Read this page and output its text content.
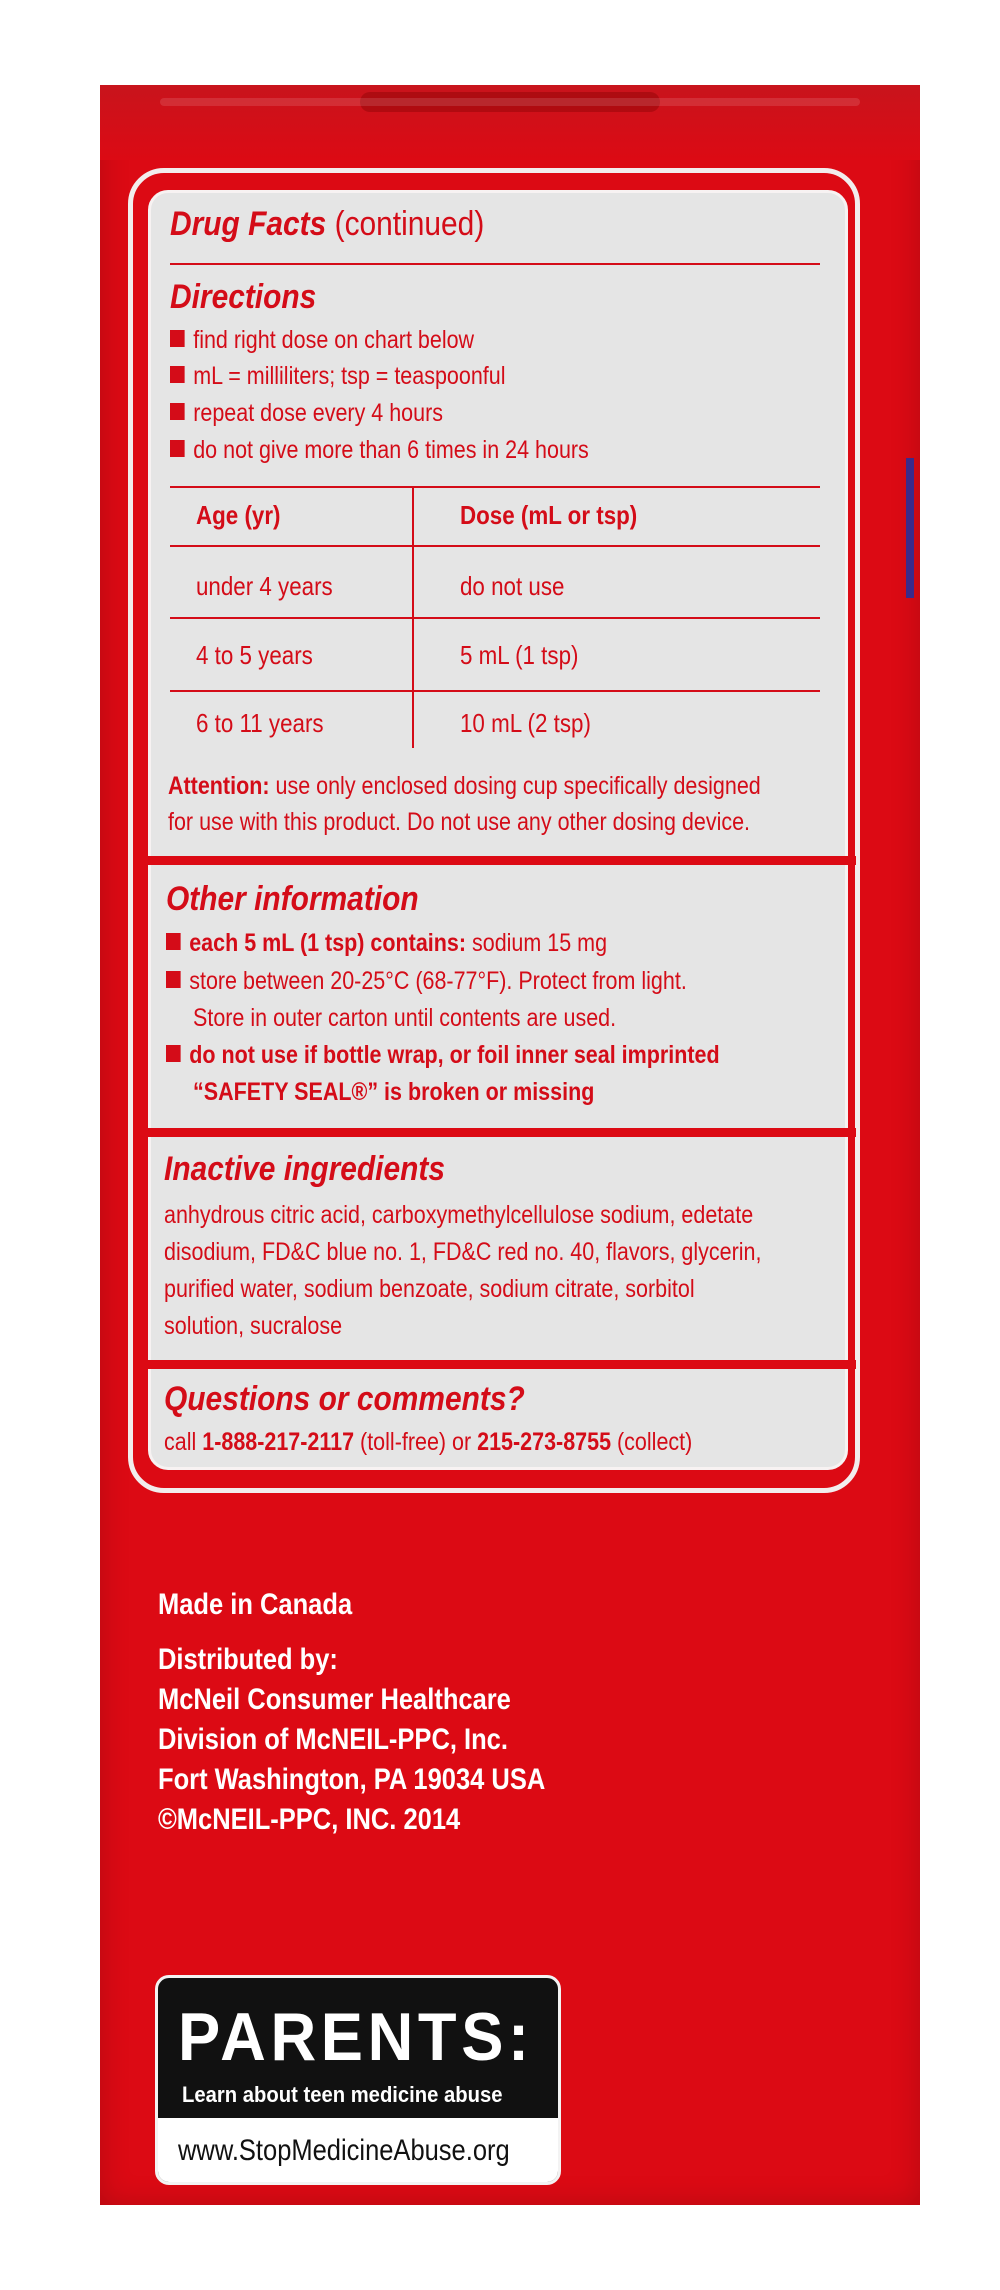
Drug Facts (continued)
Directions
find right dose on chart below
mL = milliliters; tsp = teaspoonful
repeat dose every 4 hours
do not give more than 6 times in 24 hours
Age (yr)	Dose (mL or tsp)
under 4 years	do not use
4 to 5 years	5 mL (1 tsp)
6 to 11 years	10 mL (2 tsp)
Attention: use only enclosed dosing cup specifically designed
for use with this product. Do not use any other dosing device.
Other information
each 5 mL (1 tsp) contains: sodium 15 mg
store between 20-25°C (68-77°F). Protect from light.
Store in outer carton until contents are used.
do not use if bottle wrap, or foil inner seal imprinted
“SAFETY SEAL®” is broken or missing
Inactive ingredients
anhydrous citric acid, carboxymethylcellulose sodium, edetate
disodium, FD&C blue no. 1, FD&C red no. 40, flavors, glycerin,
purified water, sodium benzoate, sodium citrate, sorbitol
solution, sucralose
Questions or comments?
call 1-888-217-2117 (toll-free) or 215-273-8755 (collect)
Made in Canada
Distributed by:
McNeil Consumer Healthcare
Division of McNEIL-PPC, Inc.
Fort Washington, PA 19034 USA
©McNEIL-PPC, INC. 2014
PARENTS:
Learn about teen medicine abuse
www.StopMedicineAbuse.org
